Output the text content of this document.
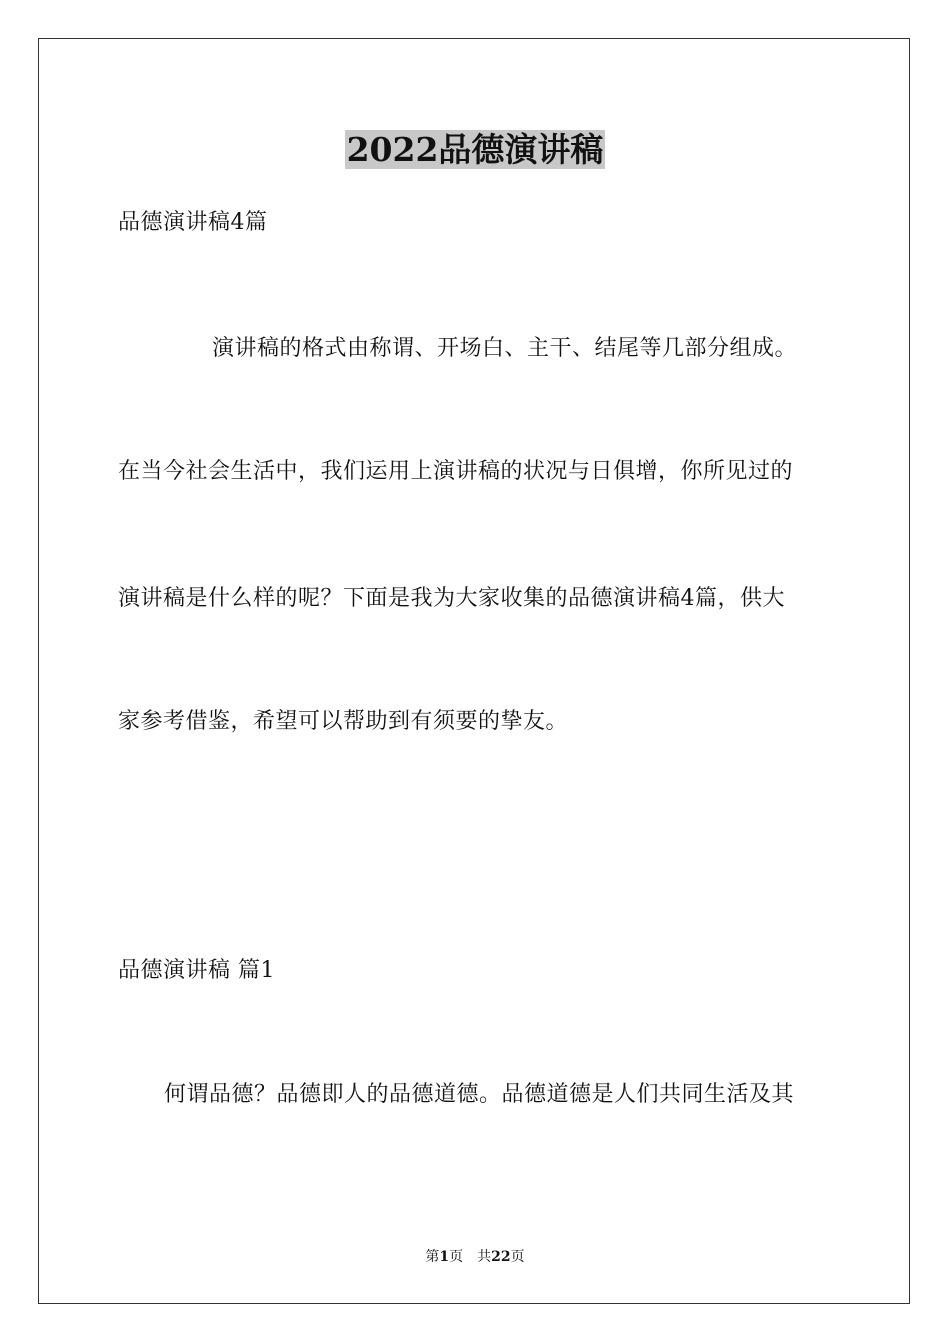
2022品德演讲稿
品德演讲稿4篇
演讲稿的格式由称谓、开场白、主干、结尾等几部分组成。
在当今社会生活中，我们运用上演讲稿的状况与日俱增，你所见过的
演讲稿是什么样的呢？下面是我为大家收集的品德演讲稿4篇，供大
家参考借鉴，希望可以帮助到有须要的挚友。
品德演讲稿 篇1
何谓品德？品德即人的品德道德。品德道德是人们共同生活及其
第1页 共22页
